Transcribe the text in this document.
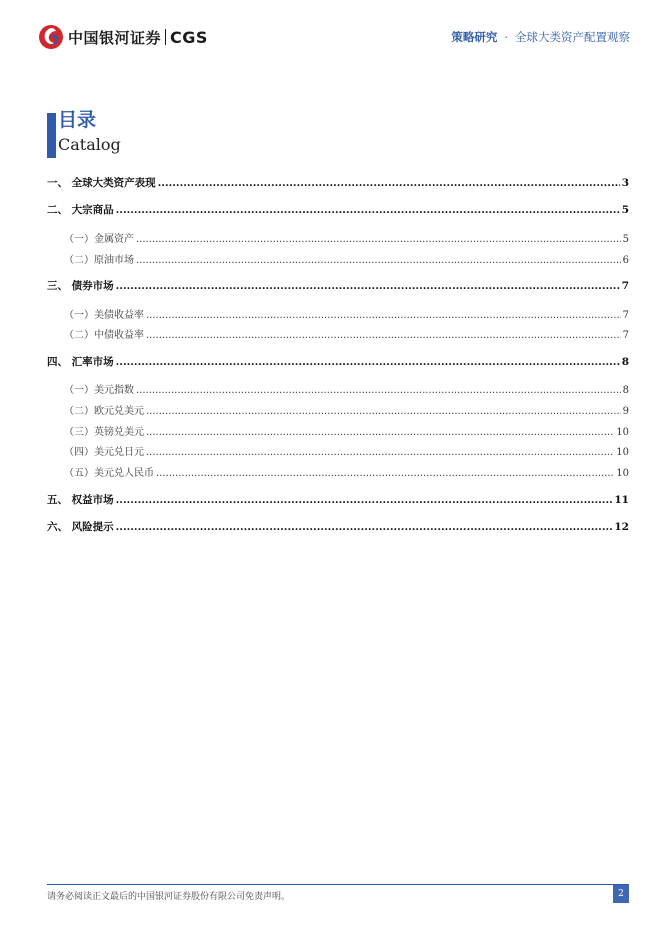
中国银河证券 CGS	策略研究 · 全球大类资产配置观察
目录
Catalog
一、 全球大类资产表现 .....	3
二、 大宗商品 .....	5
（一）金属资产 .....	5
（二）原油市场 .....	6
三、 债券市场 .....	7
（一）美债收益率 .....	7
（二）中债收益率 .....	7
四、 汇率市场 .....	8
（一）美元指数 .....	8
（二）欧元兑美元 .....	9
（三）英镑兑美元 .....	10
（四）美元兑日元 .....	10
（五）美元兑人民币 .....	10
五、 权益市场 .....	11
六、 风险提示 .....	12
请务必阅读正文最后的中国银河证券股份有限公司免责声明。	2
